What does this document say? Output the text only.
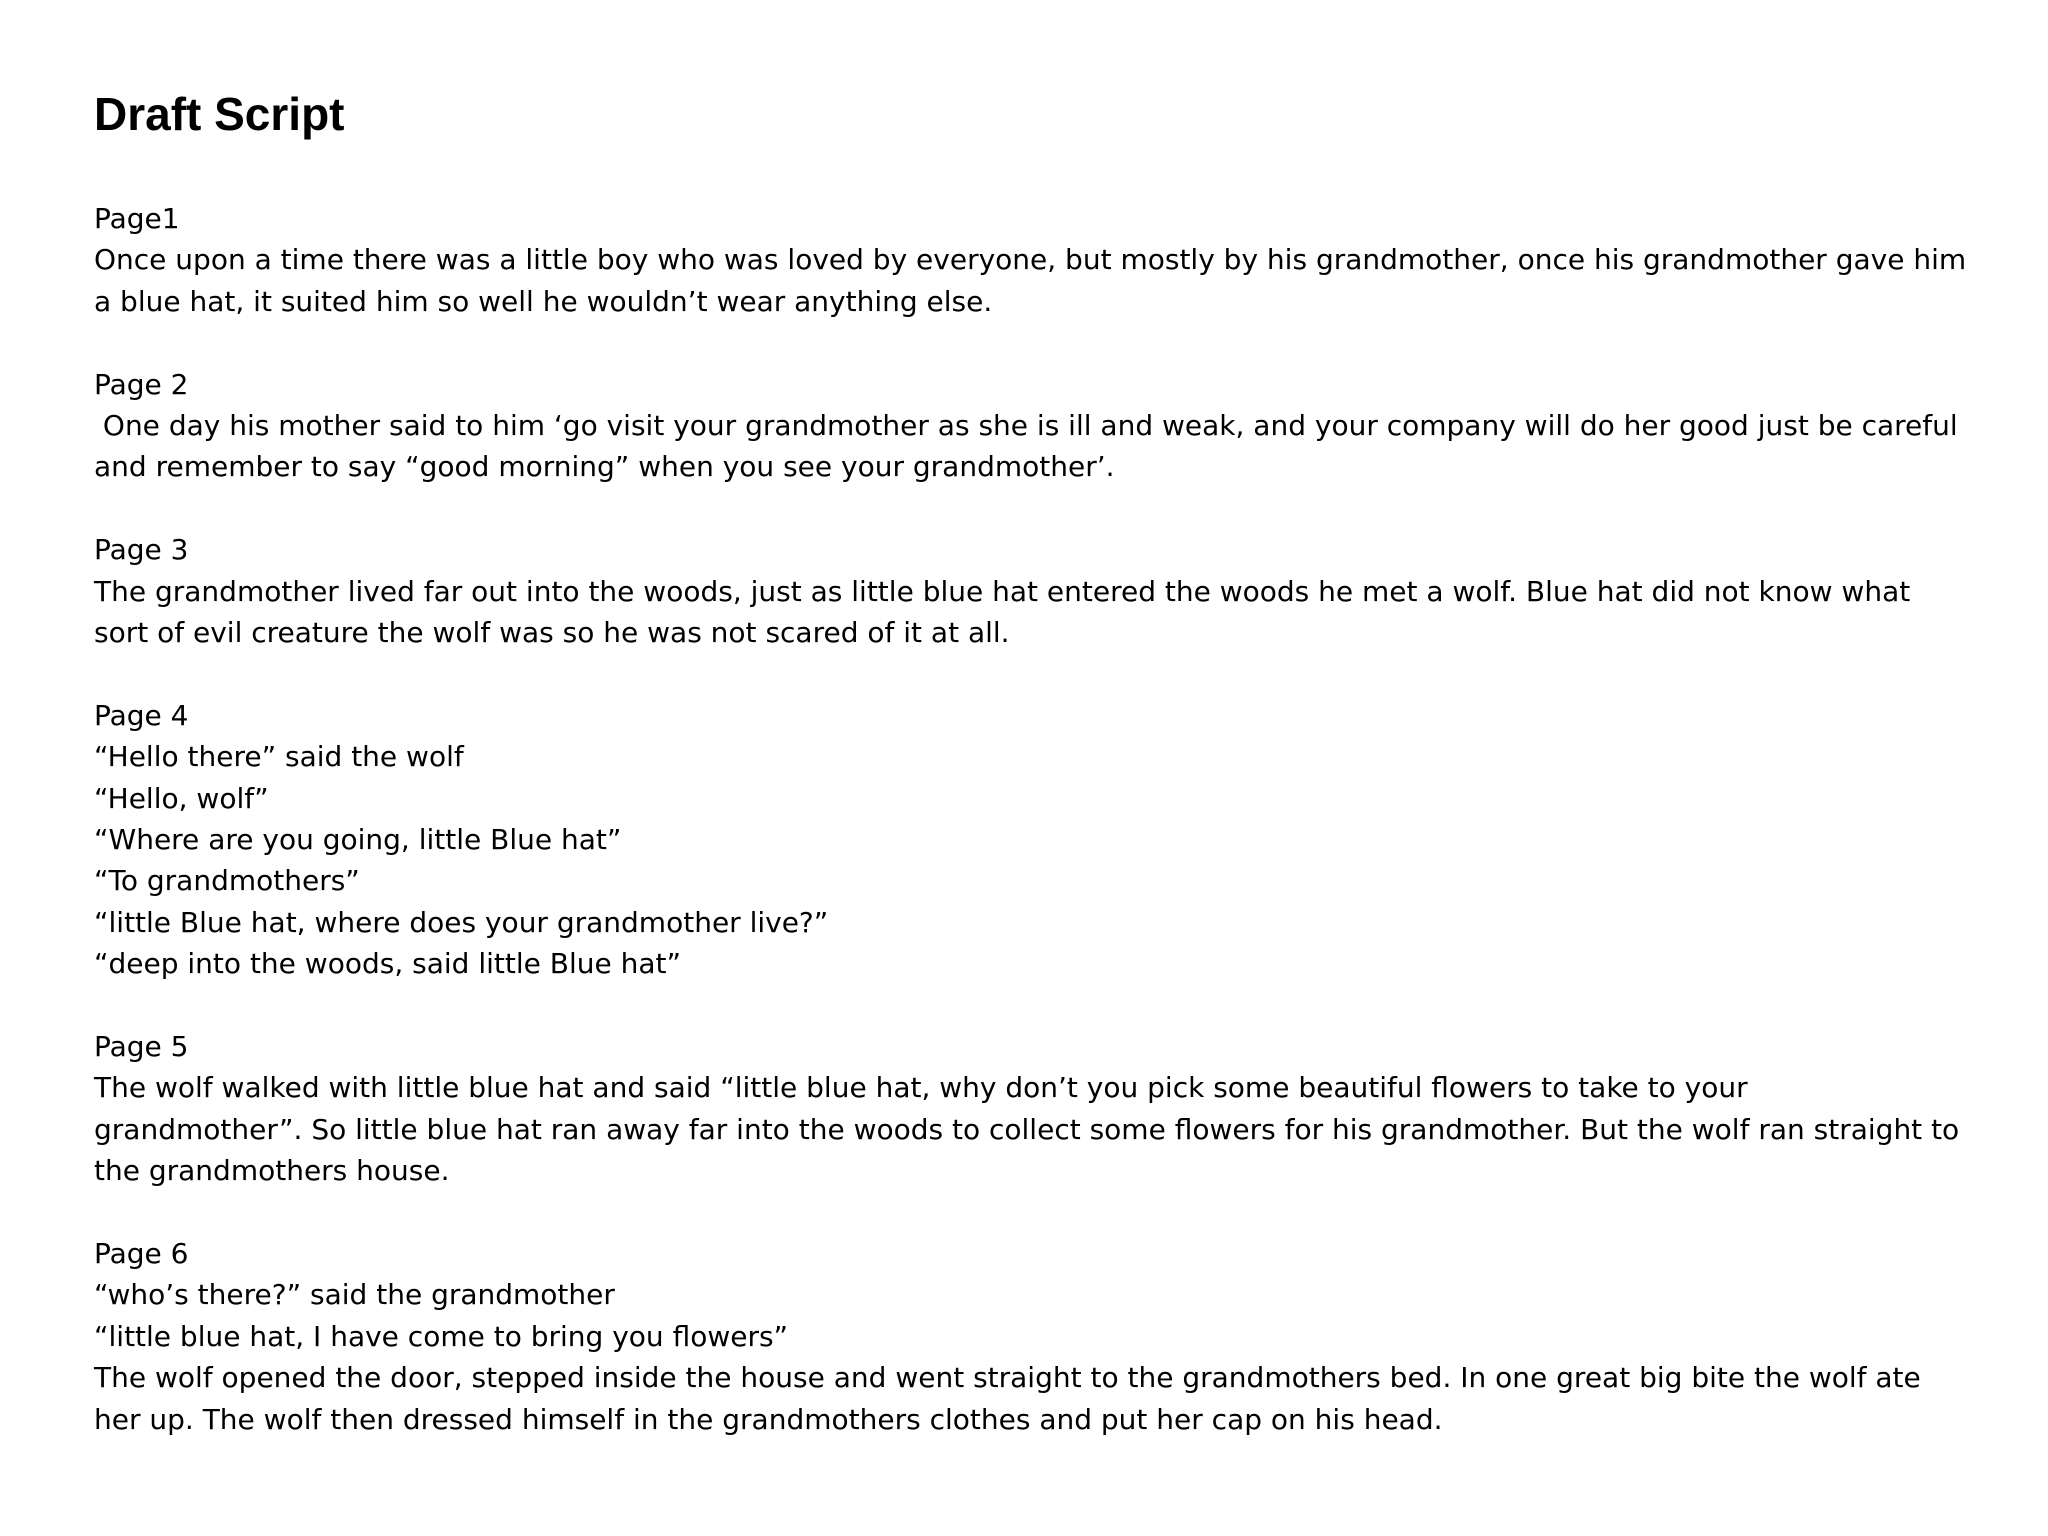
Draft Script
Page1
Once upon a time there was a little boy who was loved by everyone, but mostly by his grandmother, once his grandmother gave him
a blue hat, it suited him so well he wouldn’t wear anything else.
Page 2
One day his mother said to him ‘go visit your grandmother as she is ill and weak, and your company will do her good just be careful
and remember to say “good morning” when you see your grandmother’.
Page 3
The grandmother lived far out into the woods, just as little blue hat entered the woods he met a wolf. Blue hat did not know what
sort of evil creature the wolf was so he was not scared of it at all.
Page 4
“Hello there” said the wolf
“Hello, wolf”
“Where are you going, little Blue hat”
“To grandmothers”
“little Blue hat, where does your grandmother live?”
“deep into the woods, said little Blue hat”
Page 5
The wolf walked with little blue hat and said “little blue hat, why don’t you pick some beautiful flowers to take to your
grandmother”. So little blue hat ran away far into the woods to collect some flowers for his grandmother. But the wolf ran straight to
the grandmothers house.
Page 6
“who’s there?” said the grandmother
“little blue hat, I have come to bring you flowers”
The wolf opened the door, stepped inside the house and went straight to the grandmothers bed. In one great big bite the wolf ate
her up. The wolf then dressed himself in the grandmothers clothes and put her cap on his head.
